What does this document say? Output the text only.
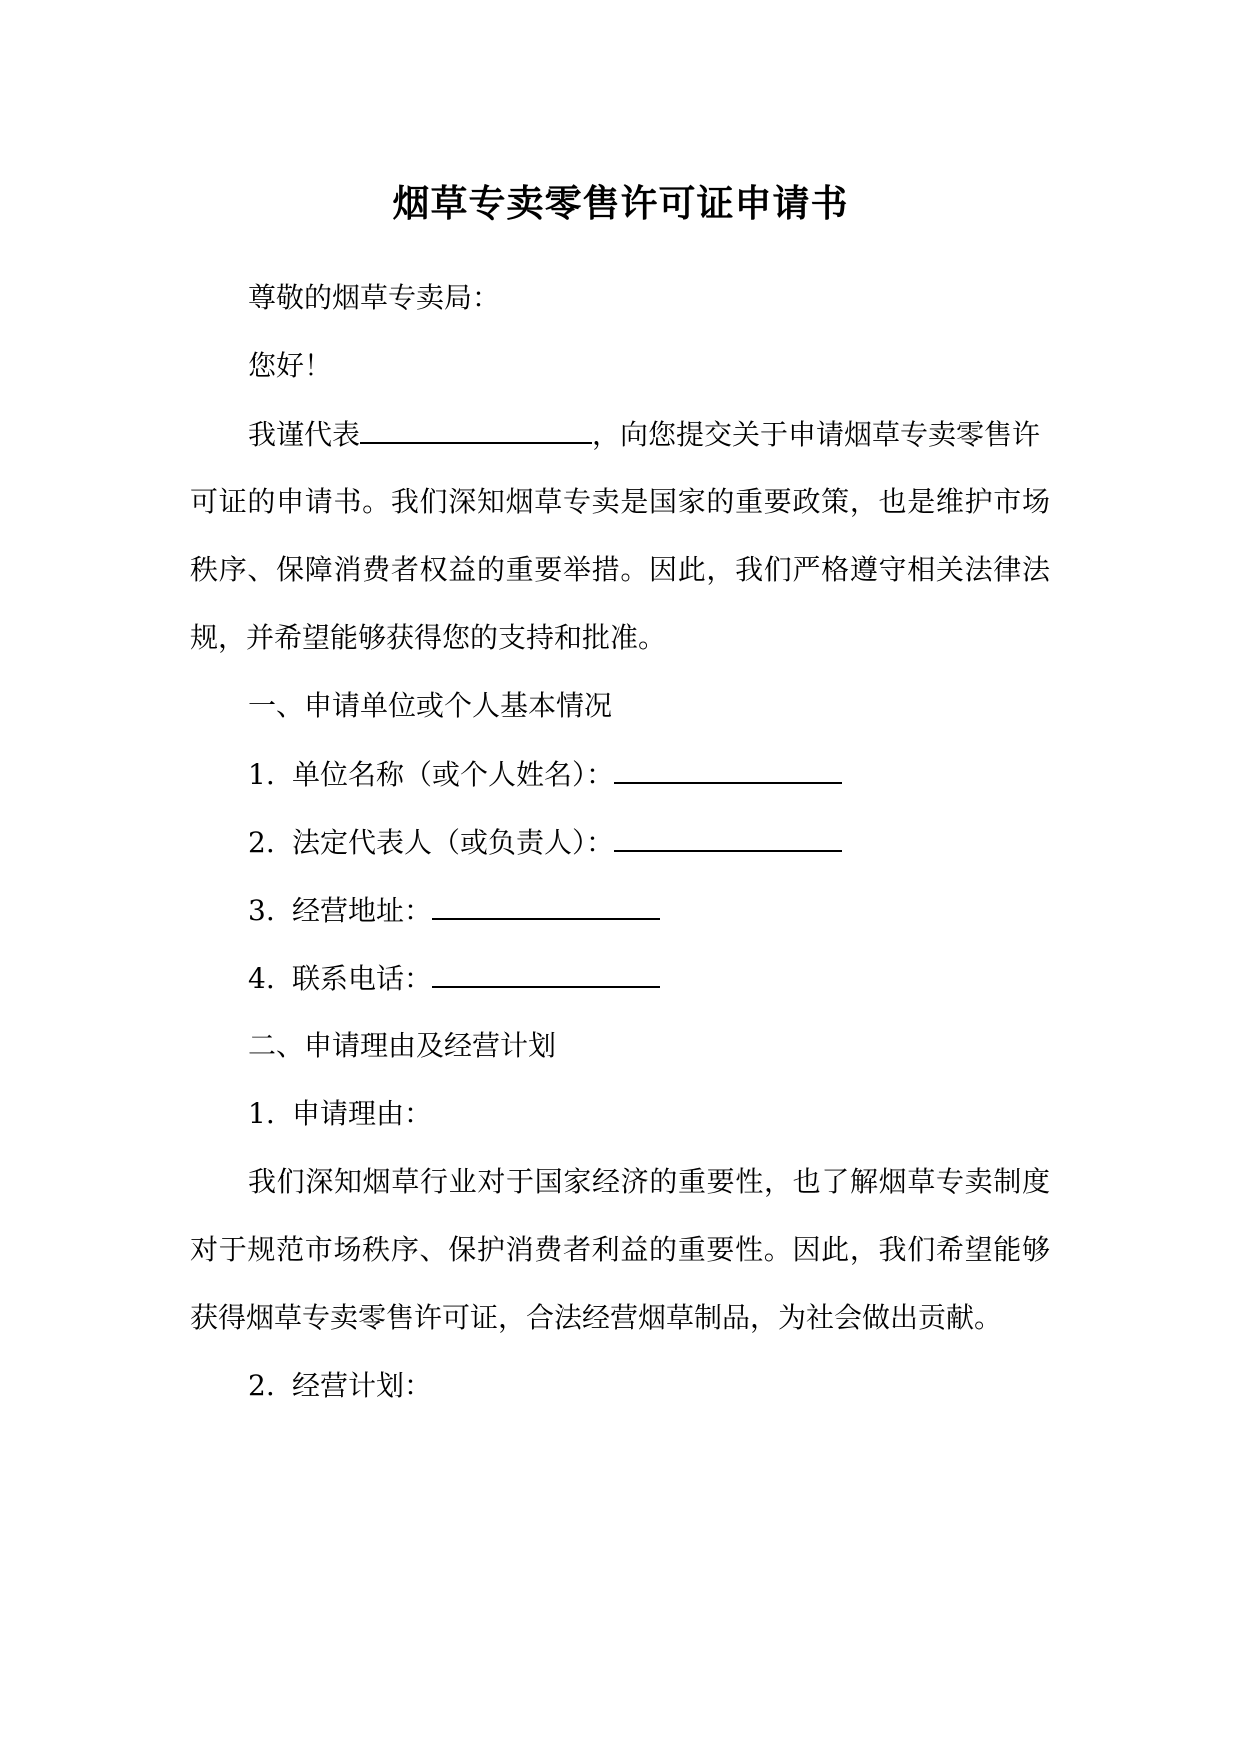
烟草专卖零售许可证申请书
尊敬的烟草专卖局：
您好！
我谨代表	，向您提交关于申请烟草专卖零售许
可证的申请书。我们深知烟草专卖是国家的重要政策，也是维护市场
秩序、保障消费者权益的重要举措。因此，我们严格遵守相关法律法
规，并希望能够获得您的支持和批准。
一、申请单位或个人基本情况
1. 单位名称（或个人姓名）：
2. 法定代表人（或负责人）：
3. 经营地址：
4. 联系电话：
二、申请理由及经营计划
1. 申请理由：
我们深知烟草行业对于国家经济的重要性，也了解烟草专卖制度
对于规范市场秩序、保护消费者利益的重要性。因此，我们希望能够
获得烟草专卖零售许可证，合法经营烟草制品，为社会做出贡献。
2. 经营计划：
